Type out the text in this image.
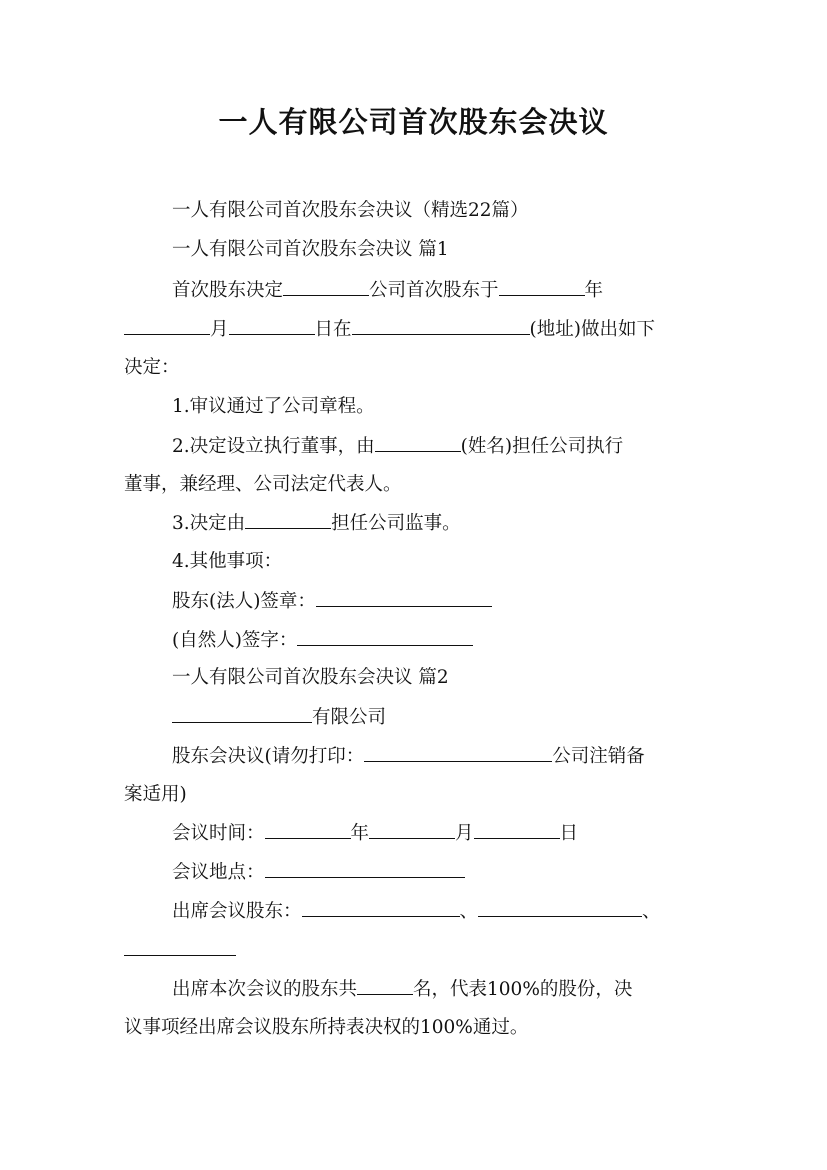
一人有限公司首次股东会决议
一人有限公司首次股东会决议（精选22篇）
一人有限公司首次股东会决议 篇1
首次股东决定	公司首次股东于	年
月	日在	(地址)做出如下
决定：
1.审议通过了公司章程。
2.决定设立执行董事，由	(姓名)担任公司执行
董事，兼经理、公司法定代表人。
3.决定由	担任公司监事。
4.其他事项：
股东(法人)签章：
(自然人)签字：
一人有限公司首次股东会决议 篇2
有限公司
股东会决议(请勿打印：	公司注销备
案适用)
会议时间：	年	月	日
会议地点：
出席会议股东：	、	、
出席本次会议的股东共	名，代表100%的股份，决
议事项经出席会议股东所持表决权的100%通过。
